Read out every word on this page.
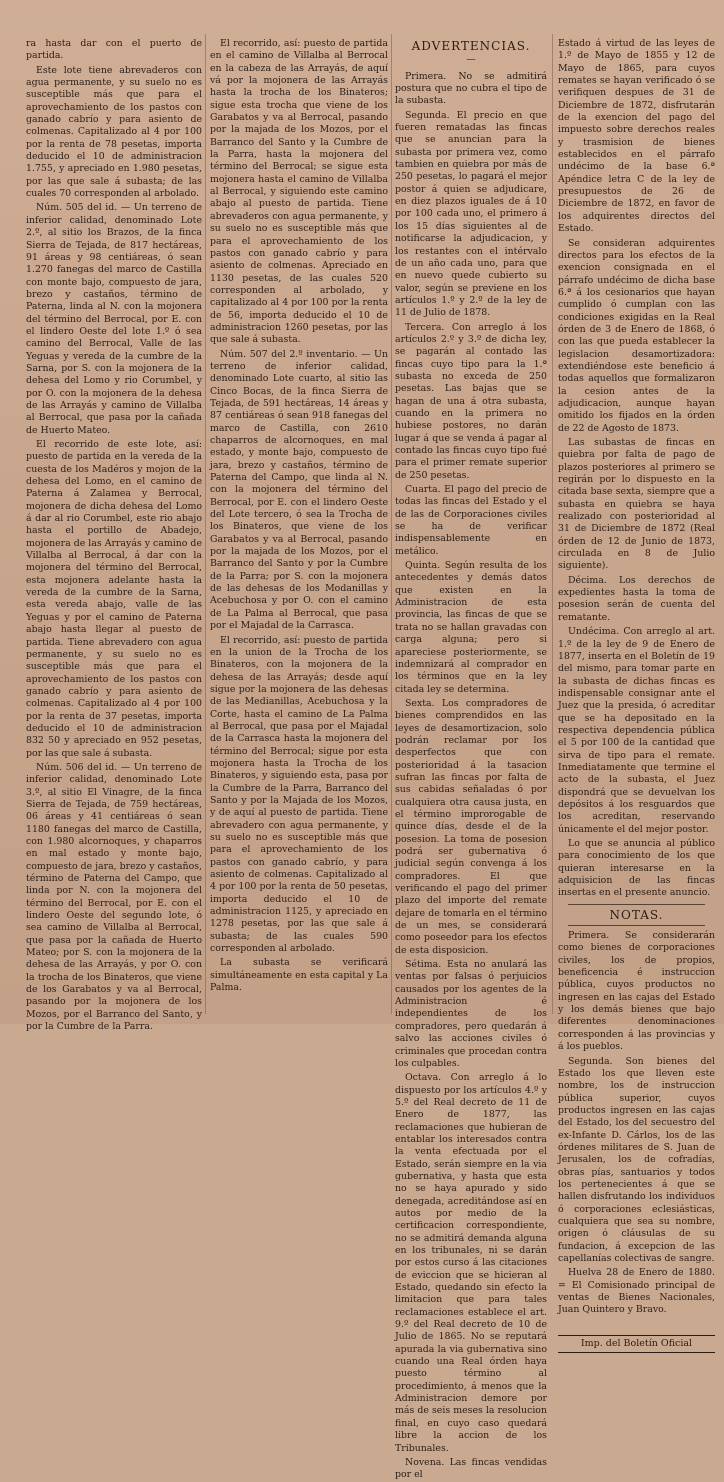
ra hasta dar con el puerto de partida.

Este lote tiene abrevaderos con agua permanente, y su suelo no es susceptible más que para el aprovechamiento de los pastos con ganado cabrío y para asiento de colmenas. Capitalizado al 4 por 100 por la renta de 78 pesetas, importa deducido el 10 de administracion 1.755, y apreciado en 1.980 pesetas, por las que sale á subasta; de las cuales 70 corresponden al arbolado.

Núm. 505 del id. — Un terreno de inferior calidad, denominado Lote 2.º, al sitio los Brazos, de la finca Sierra de Tejada, de 817 hectáreas, 91 áreas y 98 centiáreas, ó sean 1.270 fanegas del marco de Castilla con monte bajo, compuesto de jara, brezo y castaños, término de Paterna, linda al N. con la mojonera del término del Berrocal, por E. con el lindero Oeste del lote 1.º ó sea camino del Berrocal, Valle de las Yeguas y vereda de la cumbre de la Sarna, por S. con la mojonera de la dehesa del Lomo y rio Corumbel, y por O. con la mojonera de la dehesa de las Arrayás y camino de Villalba al Berrocal, que pasa por la cañada de Huerto Mateo.

El recorrido de este lote, así: puesto de partida en la vereda de la cuesta de los Madéros y mojon de la dehesa del Lomo, en el camino de Paterna á Zalamea y Berrocal, mojonera de dicha dehesa del Lomo á dar al rio Corumbel, este rio abajo hasta el portillo de Abadejo, mojonera de las Arrayás y camino de Villalba al Berrocal, á dar con la mojonera del término del Berrocal, esta mojonera adelante hasta la vereda de la cumbre de la Sarna, esta vereda abajo, valle de las Yeguas y por el camino de Paterna abajo hasta llegar al puesto de partida. Tiene abrevadero con agua permanente, y su suelo no es susceptible más que para el aprovechamiento de los pastos con ganado cabrío y para asiento de colmenas. Capitalizado al 4 por 100 por la renta de 37 pesetas, importa deducido el 10 de administracion 832 50 y apreciado en 952 pesetas, por las que sale á subasta.

Núm. 506 del id. — Un terreno de inferior calidad, denominado Lote 3.º, al sitio El Vinagre, de la finca Sierra de Tejada, de 759 hectáreas, 06 áreas y 41 centiáreas ó sean 1180 fanegas del marco de Castilla, con 1.980 alcornoques, y chaparros en mal estado y monte bajo, compuesto de jara, brezo y castaños, término de Paterna del Campo, que linda por N. con la mojonera del término del Berrocal, por E. con el lindero Oeste del segundo lote, ó sea camino de Villalba al Berrocal, que pasa por la cañada de Huerto Mateo; por S. con la mojonera de la dehesa de las Arrayás, y por O. con la trocha de los Binateros, que viene de los Garabatos y va al Berrocal, pasando por la mojonera de los Mozos, por el Barranco del Santo, y por la Cumbre de la Parra.

El recorrido, así: puesto de partida en el camino de Villalba al Berrocal en la cabeza de las Arrayás, de aquí vá por la mojonera de las Arrayás hasta la trocha de los Binateros; sigue esta trocha que viene de los Garabatos y va al Berrocal, pasando por la majada de los Mozos, por el Barranco del Santo y la Cumbre de la Parra, hasta la mojonera del término del Berrocal; se sigue esta mojonera hasta el camino de Villalba al Berrocal, y siguiendo este camino abajo al puesto de partida. Tiene abrevaderos con agua permanente, y su suelo no es susceptible más que para el aprovechamiento de los pastos con ganado cabrío y para asiento de colmenas. Apreciado en 1130 pesetas, de las cuales 520 corresponden al arbolado, y capitalizado al 4 por 100 por la renta de 56, importa deducido el 10 de administracion 1260 pesetas, por las que sale á subasta.

Núm. 507 del 2.º inventario. — Un terreno de inferior calidad, denominado Lote cuarto, al sitio las Cinco Bocas, de la finca Sierra de Tejada, de 591 hectáreas, 14 áreas y 87 centiáreas ó sean 918 fanegas del marco de Castilla, con 2610 chaparros de alcornoques, en mal estado, y monte bajo, compuesto de jara, brezo y castaños, término de Paterna del Campo, que linda al N. con la mojonera del término del Berrocal, por E. con el lindero Oeste del Lote tercero, ó sea la Trocha de los Binateros, que viene de los Garabatos y va al Berrocal, pasando por la majada de los Mozos, por el Barranco del Santo y por la Cumbre de la Parra; por S. con la mojonera de las dehesas de los Modanillas y Acebuchosa y por O. con el camino de La Palma al Berrocal, que pasa por el Majadal de la Carrasca.

El recorrido, así: puesto de partida en la union de la Trocha de los Binateros, con la mojonera de la dehesa de las Arrayás; desde aquí sigue por la mojonera de las dehesas de las Medianillas, Acebuchosa y la Corte, hasta el camino de La Palma al Berrocal, que pasa por el Majadal de la Carrasca hasta la mojonera del término del Berrocal; sigue por esta mojonera hasta la Trocha de los Binateros, y siguiendo esta, pasa por la Cumbre de la Parra, Barranco del Santo y por la Majada de los Mozos, y de aquí al puesto de partida. Tiene abrevadero con agua permanente, y su suelo no es susceptible más que para el aprovechamiento de los pastos con ganado cabrío, y para asiento de colmenas. Capitalizado al 4 por 100 por la renta de 50 pesetas, importa deducido el 10 de administracion 1125, y apreciado en 1278 pesetas, por las que sale á subasta; de las cuales 590 corresponden al arbolado.

La subasta se verificará simultáneamente en esta capital y La Palma.

ADVERTENCIAS.
—

Primera. No se admitirá postura que no cubra el tipo de la subasta.

Segunda. El precio en que fueren rematadas las fincas que se anuncian para la subasta por primera vez, como tambien en quiebra por más de 250 pesetas, lo pagará el mejor postor á quien se adjudicare, en diez plazos iguales de á 10 por 100 cada uno, el primero á los 15 días siguientes al de notificarse la adjudicacion, y los restantes con el intérvalo de un año cada uno, para que en nuevo quede cubierto su valor, según se previene en los artículos 1.º y 2.º de la ley de 11 de Julio de 1878.

Tercera. Con arreglo á los artículos 2.º y 3.º de dicha ley, se pagarán al contado las fincas cuyo tipo para la 1.ª subasta no exceda de 250 pesetas. Las bajas que se hagan de una á otra subasta, cuando en la primera no hubiese postores, no darán lugar á que se venda á pagar al contado las fincas cuyo tipo fué para el primer remate superior de 250 pesetas.

Cuarta. El pago del precio de todas las fincas del Estado y el de las de Corporaciones civiles se ha de verificar indispensablemente en metálico.

Quinta. Según resulta de los antecedentes y demás datos que existen en la Administracion de esta provincia, las fincas de que se trata no se hallan gravadas con carga alguna; pero si apareciese posteriormente, se indemnizará al comprador en los términos que en la ley citada ley se determina.

Sexta. Los compradores de bienes comprendidos en las leyes de desamortizacion, solo podrán reclamar por los desperfectos que con posterioridad á la tasacion sufran las fincas por falta de sus cabidas señaladas ó por cualquiera otra causa justa, en el término improrogable de quince días, desde el de la posesion. La toma de posesion podrá ser gubernativa ó judicial según convenga á los compradores. El que verificando el pago del primer plazo del importe del remate dejare de tomarla en el término de un mes, se considerará como poseedor para los efectos de esta disposicion.

Sétima. Esta no anulará las ventas por falsas ó perjuicios causados por los agentes de la Administracion é independientes de los compradores, pero quedarán á salvo las acciones civiles ó criminales que procedan contra los culpables.

Octava. Con arreglo á lo dispuesto por los artículos 4.º y 5.º del Real decreto de 11 de Enero de 1877, las reclamaciones que hubieran de entablar los interesados contra la venta efectuada por el Estado, serán siempre en la via gubernativa, y hasta que esta no se haya apurado y sido denegada, acreditándose así en autos por medio de la certificacion correspondiente, no se admitirá demanda alguna en los tribunales, ni se darán por estos curso á las citaciones de eviccion que se hicieran al Estado, quedando sin efecto la limitacion que para tales reclamaciones establece el art. 9.º del Real decreto de 10 de Julio de 1865. No se reputará apurada la via gubernativa sino cuando una Real órden haya puesto término al procedimiento, á menos que la Administracion demore por más de seis meses la resolucion final, en cuyo caso quedará libre la accion de los Tribunales.

Novena. Las fincas vendidas por el

Estado á virtud de las leyes de 1.º de Mayo de 1855 y 12 de Mayo de 1865, para cuyos remates se hayan verificado ó se verifiquen despues de 31 de Diciembre de 1872, disfrutarán de la exencion del pago del impuesto sobre derechos reales y trasmision de bienes establecidos en el párrafo undécimo de la base 6.ª Apéndice letra C de la ley de presupuestos de 26 de Diciembre de 1872, en favor de los adquirentes directos del Estado.

Se consideran adquirentes directos para los efectos de la exencion consignada en el párrafo undécimo de dicha base 6.ª á los cesionarios que hayan cumplido ó cumplan con las condiciones exigidas en la Real órden de 3 de Enero de 1868, ó con las que pueda establecer la legislacion desamortizadora: extendiéndose este beneficio á todas aquellos que formalizaron la cesion antes de la adjudicacion, aunque hayan omitido los fijados en la órden de 22 de Agosto de 1873.

Las subastas de fincas en quiebra por falta de pago de plazos posteriores al primero se regirán por lo dispuesto en la citada base sexta, siempre que a subasta en quiebra se haya realizado con posterioridad al 31 de Diciembre de 1872 (Real órden de 12 de Junio de 1873, circulada en 8 de Julio siguiente).

Décima. Los derechos de expedientes hasta la toma de posesion serán de cuenta del rematante.

Undécima. Con arreglo al art. 1.º de la ley de 9 de Enero de 1877, inserta en el Boletín de 19 del mismo, para tomar parte en la subasta de dichas fincas es indispensable consignar ante el Juez que la presida, ó acreditar que se ha depositado en la respectiva dependencia pública el 5 por 100 de la cantidad que sirva de tipo para el remate. Inmediatamente que termine el acto de la subasta, el Juez dispondrá que se devuelvan los depósitos á los resguardos que los acreditan, reservando únicamente el del mejor postor.

Lo que se anuncia al público para conocimiento de los que quieran interesarse en la adquisicion de las fincas insertas en el presente anuncio.

NOTAS.

Primera. Se considerarán como bienes de corporaciones civiles, los de propios, beneficencia é instruccion pública, cuyos productos no ingresen en las cajas del Estado y los demás bienes que bajo diferentes denominaciones corresponden á las provincias y á los pueblos.

Segunda. Son bienes del Estado los que lleven este nombre, los de instruccion pública superior, cuyos productos ingresen en las cajas del Estado, los del secuestro del ex-Infante D. Cárlos, los de las órdenes militares de S. Juan de Jerusalen, los de cofradías, obras pías, santuarios y todos los pertenecientes á que se hallen disfrutando los individuos ó corporaciones eclesiásticas, cualquiera que sea su nombre, origen ó cláusulas de su fundacion, á excepcion de las capellanías colectivas de sangre.

Huelva 28 de Enero de 1880. = El Comisionado principal de ventas de Bienes Nacionales, Juan Quintero y Bravo.

Imp. del Boletín Oficial
